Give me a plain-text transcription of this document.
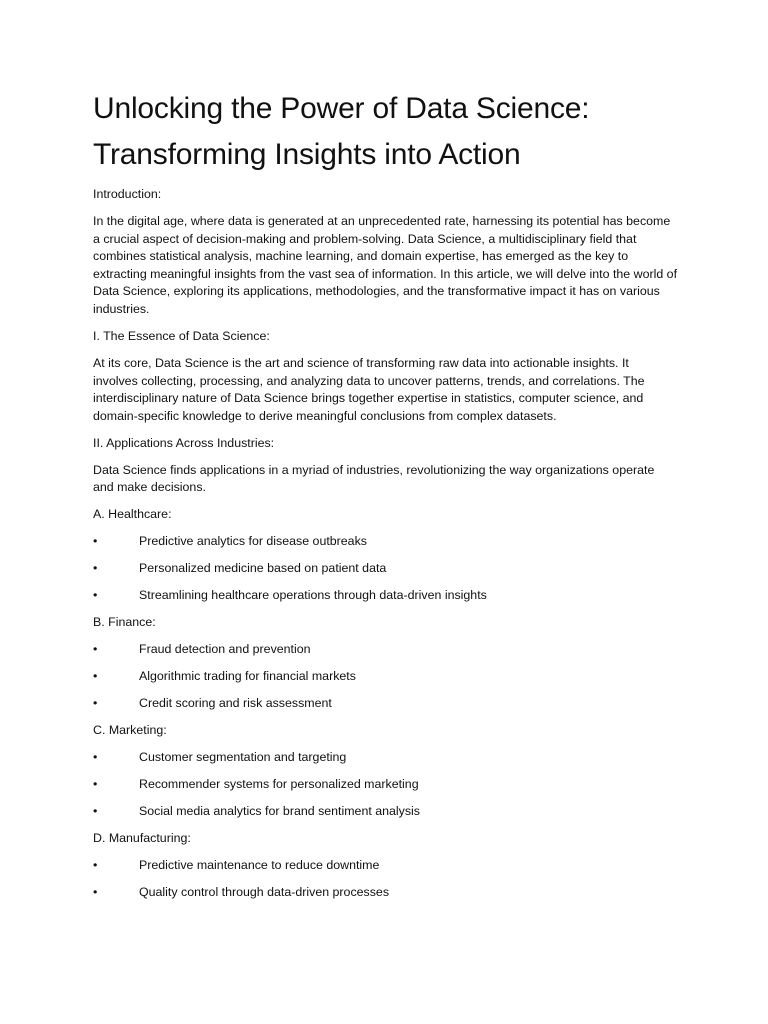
Unlocking the Power of Data Science: Transforming Insights into Action

Introduction:

In the digital age, where data is generated at an unprecedented rate, harnessing its potential has become a crucial aspect of decision-making and problem-solving. Data Science, a multidisciplinary field that combines statistical analysis, machine learning, and domain expertise, has emerged as the key to extracting meaningful insights from the vast sea of information. In this article, we will delve into the world of Data Science, exploring its applications, methodologies, and the transformative impact it has on various industries.

I. The Essence of Data Science:

At its core, Data Science is the art and science of transforming raw data into actionable insights. It involves collecting, processing, and analyzing data to uncover patterns, trends, and correlations. The interdisciplinary nature of Data Science brings together expertise in statistics, computer science, and domain-specific knowledge to derive meaningful conclusions from complex datasets.

II. Applications Across Industries:

Data Science finds applications in a myriad of industries, revolutionizing the way organizations operate and make decisions.

A. Healthcare:

•	Predictive analytics for disease outbreaks
•	Personalized medicine based on patient data
•	Streamlining healthcare operations through data-driven insights

B. Finance:

•	Fraud detection and prevention
•	Algorithmic trading for financial markets
•	Credit scoring and risk assessment

C. Marketing:

•	Customer segmentation and targeting
•	Recommender systems for personalized marketing
•	Social media analytics for brand sentiment analysis

D. Manufacturing:

•	Predictive maintenance to reduce downtime
•	Quality control through data-driven processes
